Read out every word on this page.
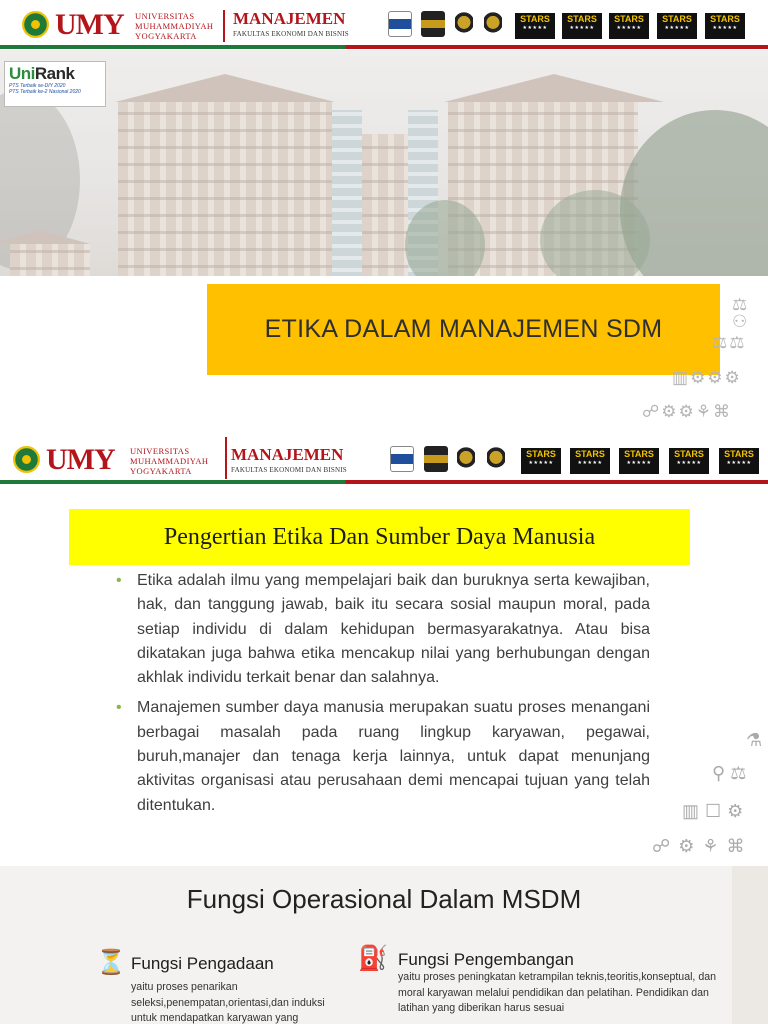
UMY UNIVERSITAS
MUHAMMADIYAH
YOGYAKARTA
MANAJEMEN
FAKULTAS EKONOMI DAN BISNIS
STARS
★★★★★
STARS
★★★★★
STARS
★★★★★
STARS
★★★★★
STARS
★★★★★
UniRank
PTS Terbaik se-DIY 2020
PTS Terbaik ke-2 Nasional 2020
ETIKA DALAM MANAJEMEN SDM
⚖ ⚇
⚖⚖
▥⚙⚙⚙
☍⚙⚙⚘⌘
UMY UNIVERSITAS
MUHAMMADIYAH
YOGYAKARTA
MANAJEMEN
FAKULTAS EKONOMI DAN BISNIS
STARS
★★★★★
STARS
★★★★★
STARS
★★★★★
STARS
★★★★★
STARS
★★★★★
Pengertian Etika Dan Sumber Daya Manusia
• Etika adalah ilmu yang mempelajari baik dan buruknya serta kewajiban, hak, dan tanggung jawab, baik itu secara sosial maupun moral, pada setiap individu di dalam kehidupan bermasyarakatnya. Atau bisa dikatakan juga bahwa etika mencakup nilai yang berhubungan dengan akhlak individu terkait benar dan salahnya.
• Manajemen sumber daya manusia merupakan suatu proses menangani berbagai masalah pada ruang lingkup karyawan, pegawai, buruh,manajer dan tenaga kerja lainnya, untuk dapat menunjang aktivitas organisasi atau perusahaan demi mencapai tujuan yang telah ditentukan.
⚗
⚲ ⚖
▥☐⚙
☍⚙⚘⌘
Fungsi Operasional Dalam MSDM
⏳ Fungsi Pengadaan
yaitu proses penarikan seleksi,penempatan,orientasi,dan induksi untuk mendapatkan karyawan yang
⛽ Fungsi Pengembangan
yaitu proses peningkatan ketrampilan teknis,teoritis,konseptual, dan moral karyawan melalui pendidikan dan pelatihan. Pendidikan dan latihan yang diberikan harus sesuai
